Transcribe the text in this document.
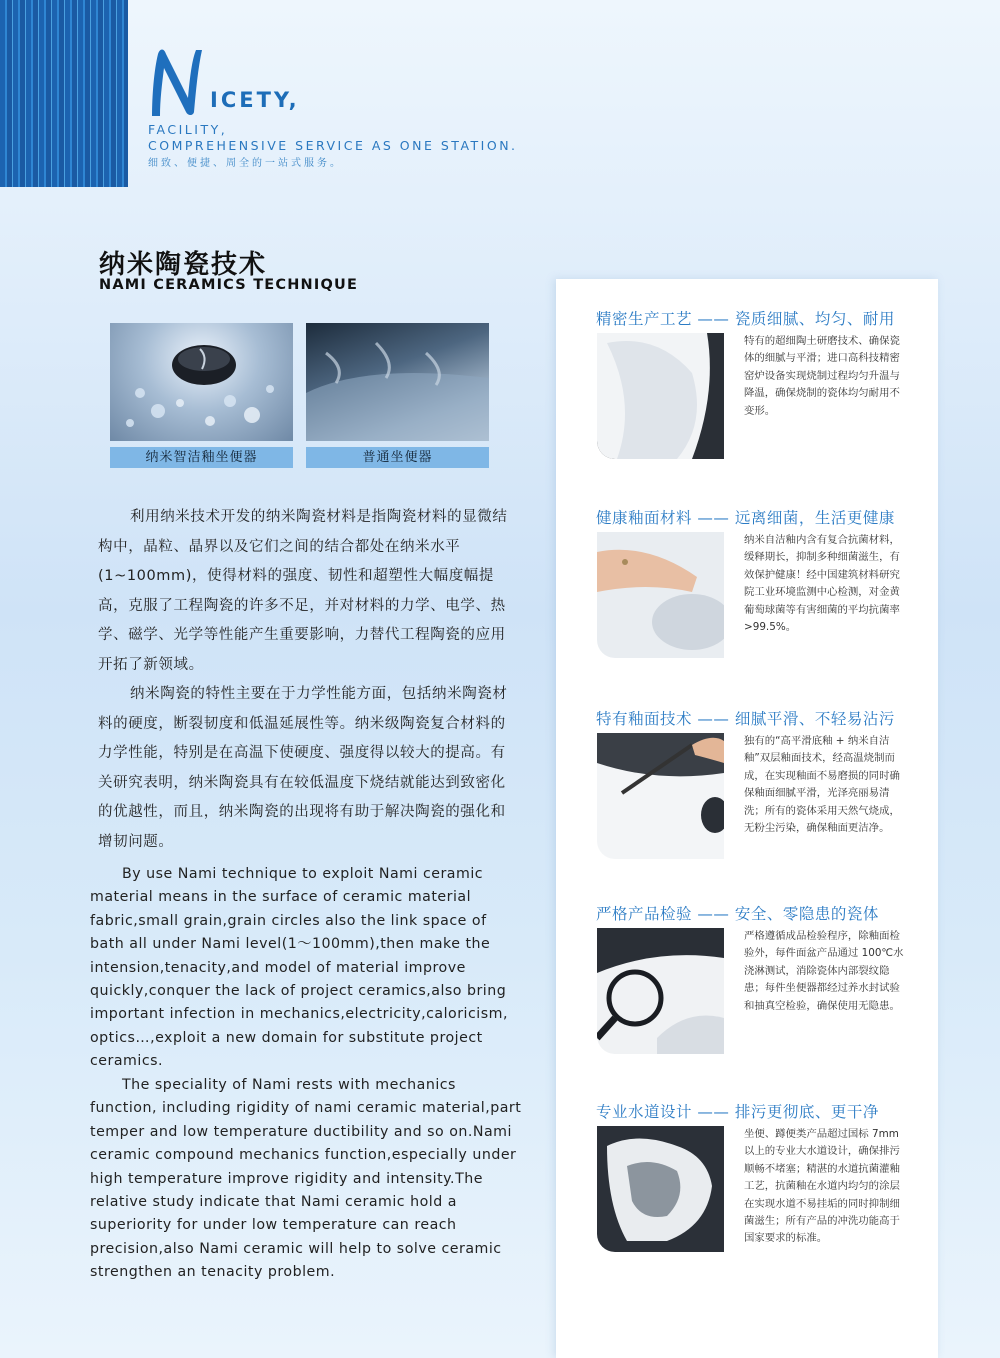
ICETY,
FACILITY,
COMPREHENSIVE SERVICE AS ONE STATION.
细致、便捷、周全的一站式服务。
纳米陶瓷技术
NAMI CERAMICS TECHNIQUE
纳米智洁釉坐便器	普通坐便器
利用纳米技术开发的纳米陶瓷材料是指陶瓷材料的显微结构中，晶粒、晶界以及它们之间的结合都处在纳米水平(1~100mm)，使得材料的强度、韧性和超塑性大幅度幅提高，克服了工程陶瓷的许多不足，并对材料的力学、电学、热学、磁学、光学等性能产生重要影响，力替代工程陶瓷的应用开拓了新领域。
纳米陶瓷的特性主要在于力学性能方面，包括纳米陶瓷材料的硬度，断裂韧度和低温延展性等。纳米级陶瓷复合材料的力学性能，特别是在高温下使硬度、强度得以较大的提高。有关研究表明，纳米陶瓷具有在较低温度下烧结就能达到致密化的优越性，而且，纳米陶瓷的出现将有助于解决陶瓷的强化和增韧问题。
By use Nami technique to exploit Nami ceramic material means in the surface of ceramic material fabric,small grain,grain circles also the link space of bath all under Nami level(1～100mm),then make the intension,tenacity,and model of material improve quickly,conquer the lack of project ceramics,also bring important infection in mechanics,electricity,caloricism, optics…,exploit a new domain for substitute project ceramics.
The speciality of Nami rests with mechanics function, including rigidity of nami ceramic material,part temper and low temperature ductibility and so on.Nami ceramic compound mechanics function,especially under high temperature improve rigidity and intensity.The relative study indicate that Nami ceramic hold a superiority for under low temperature can reach precision,also Nami ceramic will help to solve ceramic strengthen an tenacity problem.
精密生产工艺 —— 瓷质细腻、均匀、耐用
特有的超细陶土研磨技术、确保瓷体的细腻与平滑；进口高科技精密窑炉设备实现烧制过程均匀升温与降温，确保烧制的瓷体均匀耐用不变形。
健康釉面材料 —— 远离细菌，生活更健康
纳米自洁釉内含有复合抗菌材料，缓释期长，抑制多种细菌滋生，有效保护健康！经中国建筑材料研究院工业环境监测中心检测，对金黄葡萄球菌等有害细菌的平均抗菌率>99.5%。
特有釉面技术 —— 细腻平滑、不轻易沾污
独有的“高平滑底釉 + 纳米自洁釉”双层釉面技术，经高温烧制而成，在实现釉面不易磨损的同时确保釉面细腻平滑，光泽亮丽易清洗；所有的瓷体采用天然气烧成，无粉尘污染，确保釉面更洁净。
严格产品检验 —— 安全、零隐患的瓷体
严格遵循成品检验程序，除釉面检验外，每件面盆产品通过 100℃水浇淋测试，消除瓷体内部裂纹隐患；每件坐便器都经过养水封试验和抽真空检验，确保使用无隐患。
专业水道设计 —— 排污更彻底、更干净
坐便、蹲便类产品超过国标 7mm以上的专业大水道设计，确保排污顺畅不堵塞；精湛的水道抗菌灌釉工艺，抗菌釉在水道内均匀的涂层在实现水道不易挂垢的同时抑制细菌滋生；所有产品的冲洗功能高于国家要求的标准。
